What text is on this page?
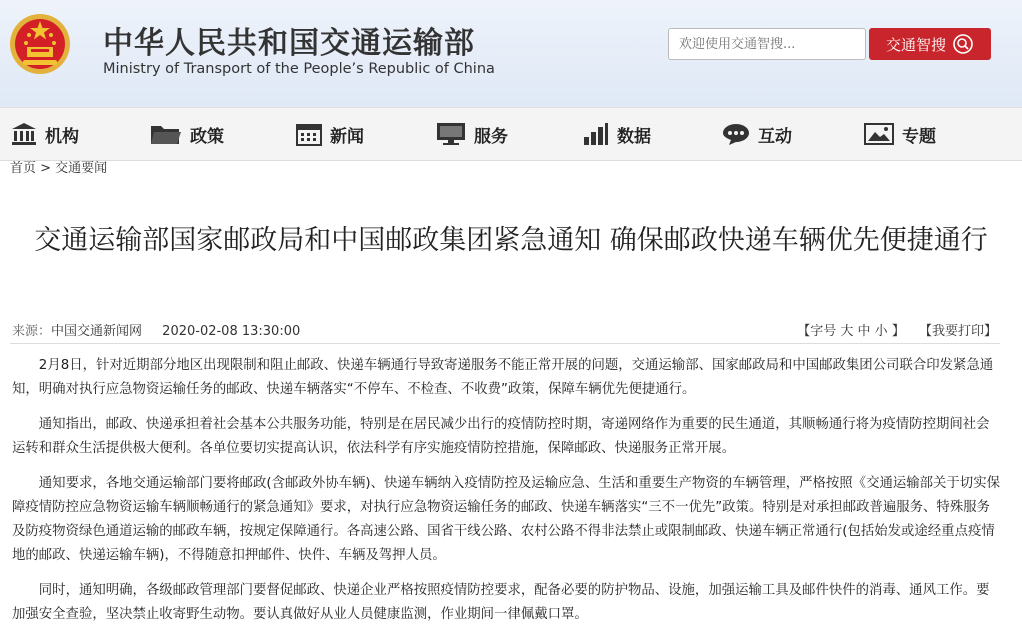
中华人民共和国交通运输部
Ministry of Transport of the People’s Republic of China
欢迎使用交通智搜...
交通智搜
机构	政策	新闻	服务	数据	互动	专题
首页 > 交通要闻
交通运输部国家邮政局和中国邮政集团紧急通知 确保邮政快递车辆优先便捷通行
来源：中国交通新闻网 2020-02-08 13:30:00	【字号 大 中 小 】 【我要打印】

2月8日，针对近期部分地区出现限制和阻止邮政、快递车辆通行导致寄递服务不能正常开展的问题，交通运输部、国家邮政局和中国邮政集团公司联合印发紧急通知，明确对执行应急物资运输任务的邮政、快递车辆落实“不停车、不检查、不收费”政策，保障车辆优先便捷通行。

通知指出，邮政、快递承担着社会基本公共服务功能，特别是在居民减少出行的疫情防控时期，寄递网络作为重要的民生通道，其顺畅通行将为疫情防控期间社会运转和群众生活提供极大便利。各单位要切实提高认识，依法科学有序实施疫情防控措施，保障邮政、快递服务正常开展。

通知要求，各地交通运输部门要将邮政(含邮政外协车辆)、快递车辆纳入疫情防控及运输应急、生活和重要生产物资的车辆管理，严格按照《交通运输部关于切实保障疫情防控应急物资运输车辆顺畅通行的紧急通知》要求，对执行应急物资运输任务的邮政、快递车辆落实“三不一优先”政策。特别是对承担邮政普遍服务、特殊服务及防疫物资绿色通道运输的邮政车辆，按规定保障通行。各高速公路、国省干线公路、农村公路不得非法禁止或限制邮政、快递车辆正常通行(包括始发或途经重点疫情地的邮政、快递运输车辆)，不得随意扣押邮件、快件、车辆及驾押人员。

同时，通知明确，各级邮政管理部门要督促邮政、快递企业严格按照疫情防控要求，配备必要的防护物品、设施，加强运输工具及邮件快件的消毒、通风工作。要加强安全查验，坚决禁止收寄野生动物。要认真做好从业人员健康监测，作业期间一律佩戴口罩。
